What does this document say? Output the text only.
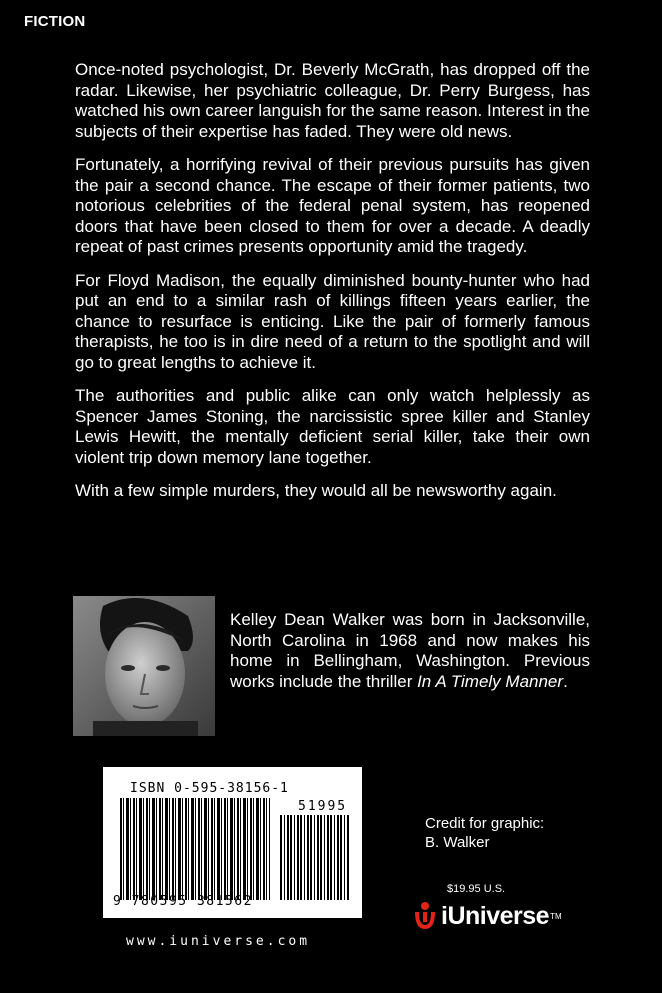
FICTION

Once-noted psychologist, Dr. Beverly McGrath, has dropped off the radar. Likewise, her psychiatric colleague, Dr. Perry Burgess, has watched his own career languish for the same reason. Interest in the subjects of their expertise has faded. They were old news.

Fortunately, a horrifying revival of their previous pursuits has given the pair a second chance. The escape of their former patients, two notorious celebrities of the federal penal system, has reopened doors that have been closed to them for over a decade. A deadly repeat of past crimes presents opportunity amid the tragedy.

For Floyd Madison, the equally diminished bounty-hunter who had put an end to a similar rash of killings fifteen years earlier, the chance to resurface is enticing. Like the pair of formerly famous therapists, he too is in dire need of a return to the spotlight and will go to great lengths to achieve it.

The authorities and public alike can only watch helplessly as Spencer James Stoning, the narcissistic spree killer and Stanley Lewis Hewitt, the mentally deficient serial killer, take their own violent trip down memory lane together.

With a few simple murders, they would all be newsworthy again.

Kelley Dean Walker was born in Jacksonville, North Carolina in 1968 and now makes his home in Bellingham, Washington. Previous works include the thriller In A Timely Manner.
ISBN 0-595-38156-1
51995
9 780595 381562
www.iuniverse.com
Credit for graphic:
B. Walker
$19.95 U.S.
iUniverse TM
